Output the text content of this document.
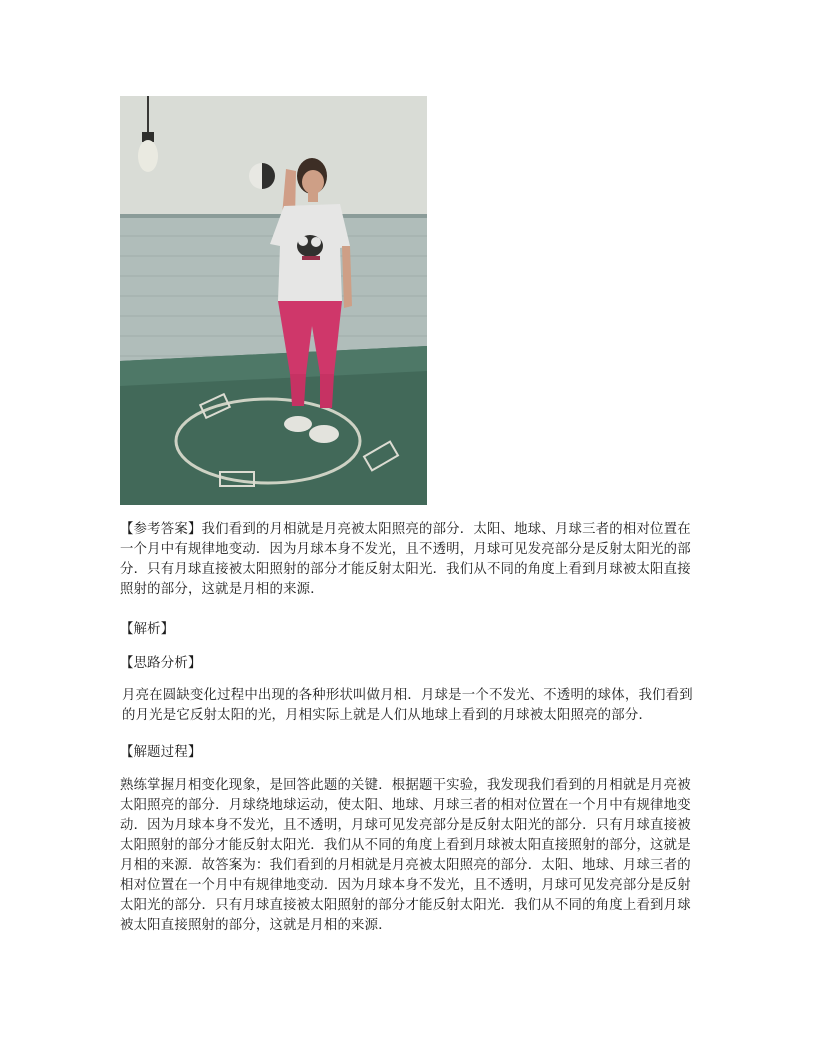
【参考答案】我们看到的月相就是月亮被太阳照亮的部分．太阳、地球、月球三者的相对位置在一个月中有规律地变动．因为月球本身不发光，且不透明，月球可见发亮部分是反射太阳光的部分．只有月球直接被太阳照射的部分才能反射太阳光．我们从不同的角度上看到月球被太阳直接照射的部分，这就是月相的来源．

【解析】

【思路分析】

月亮在圆缺变化过程中出现的各种形状叫做月相．月球是一个不发光、不透明的球体，我们看到的月光是它反射太阳的光，月相实际上就是人们从地球上看到的月球被太阳照亮的部分．

【解题过程】

熟练掌握月相变化现象，是回答此题的关键．根据题干实验，我发现我们看到的月相就是月亮被太阳照亮的部分．月球绕地球运动，使太阳、地球、月球三者的相对位置在一个月中有规律地变动．因为月球本身不发光，且不透明，月球可见发亮部分是反射太阳光的部分．只有月球直接被太阳照射的部分才能反射太阳光．我们从不同的角度上看到月球被太阳直接照射的部分，这就是月相的来源．故答案为：我们看到的月相就是月亮被太阳照亮的部分．太阳、地球、月球三者的相对位置在一个月中有规律地变动．因为月球本身不发光，且不透明，月球可见发亮部分是反射太阳光的部分．只有月球直接被太阳照射的部分才能反射太阳光．我们从不同的角度上看到月球被太阳直接照射的部分，这就是月相的来源．
